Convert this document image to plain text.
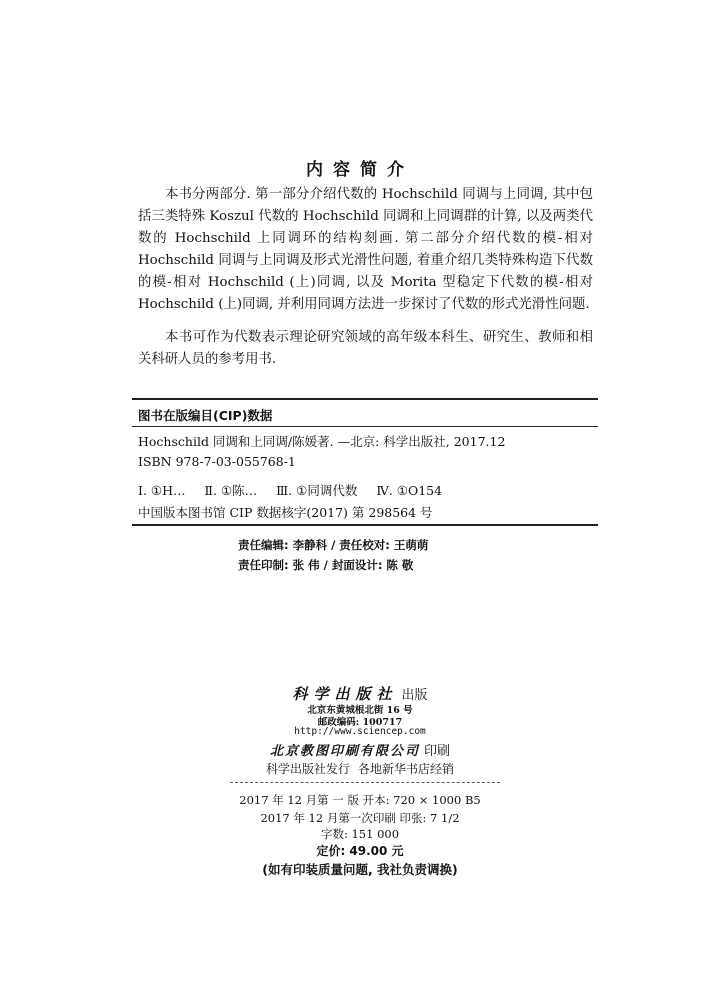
内容简介

本书分两部分. 第一部分介绍代数的 Hochschild 同调与上同调, 其中包括三类特殊 Koszul 代数的 Hochschild 同调和上同调群的计算, 以及两类代数的 Hochschild 上同调环的结构刻画. 第二部分介绍代数的模-相对 Hochschild 同调与上同调及形式光滑性问题, 着重介绍几类特殊构造下代数的模-相对 Hochschild (上)同调, 以及 Morita 型稳定下代数的模-相对 Hochschild (上)同调, 并利用同调方法进一步探讨了代数的形式光滑性问题.

本书可作为代数表示理论研究领域的高年级本科生、研究生、教师和相关科研人员的参考用书.

图书在版编目(CIP)数据
Hochschild 同调和上同调/陈媛著. —北京: 科学出版社, 2017.12
ISBN 978-7-03-055768-1
Ⅰ. ①H… Ⅱ. ①陈… Ⅲ. ①同调代数 Ⅳ. ①O154
中国版本图书馆 CIP 数据核字(2017) 第 298564 号
责任编辑: 李静科 / 责任校对: 王萌萌
责任印制: 张 伟 / 封面设计: 陈 敬
科学出版社 出版
北京东黄城根北街 16 号
邮政编码: 100717
http://www.sciencep.com
北京教图印刷有限公司 印刷
科学出版社发行 各地新华书店经销
2017 年 12 月第 一 版 开本: 720 × 1000 B5
2017 年 12 月第一次印刷 印张: 7 1/2
字数: 151 000
定价: 49.00 元
(如有印装质量问题, 我社负责调换)
